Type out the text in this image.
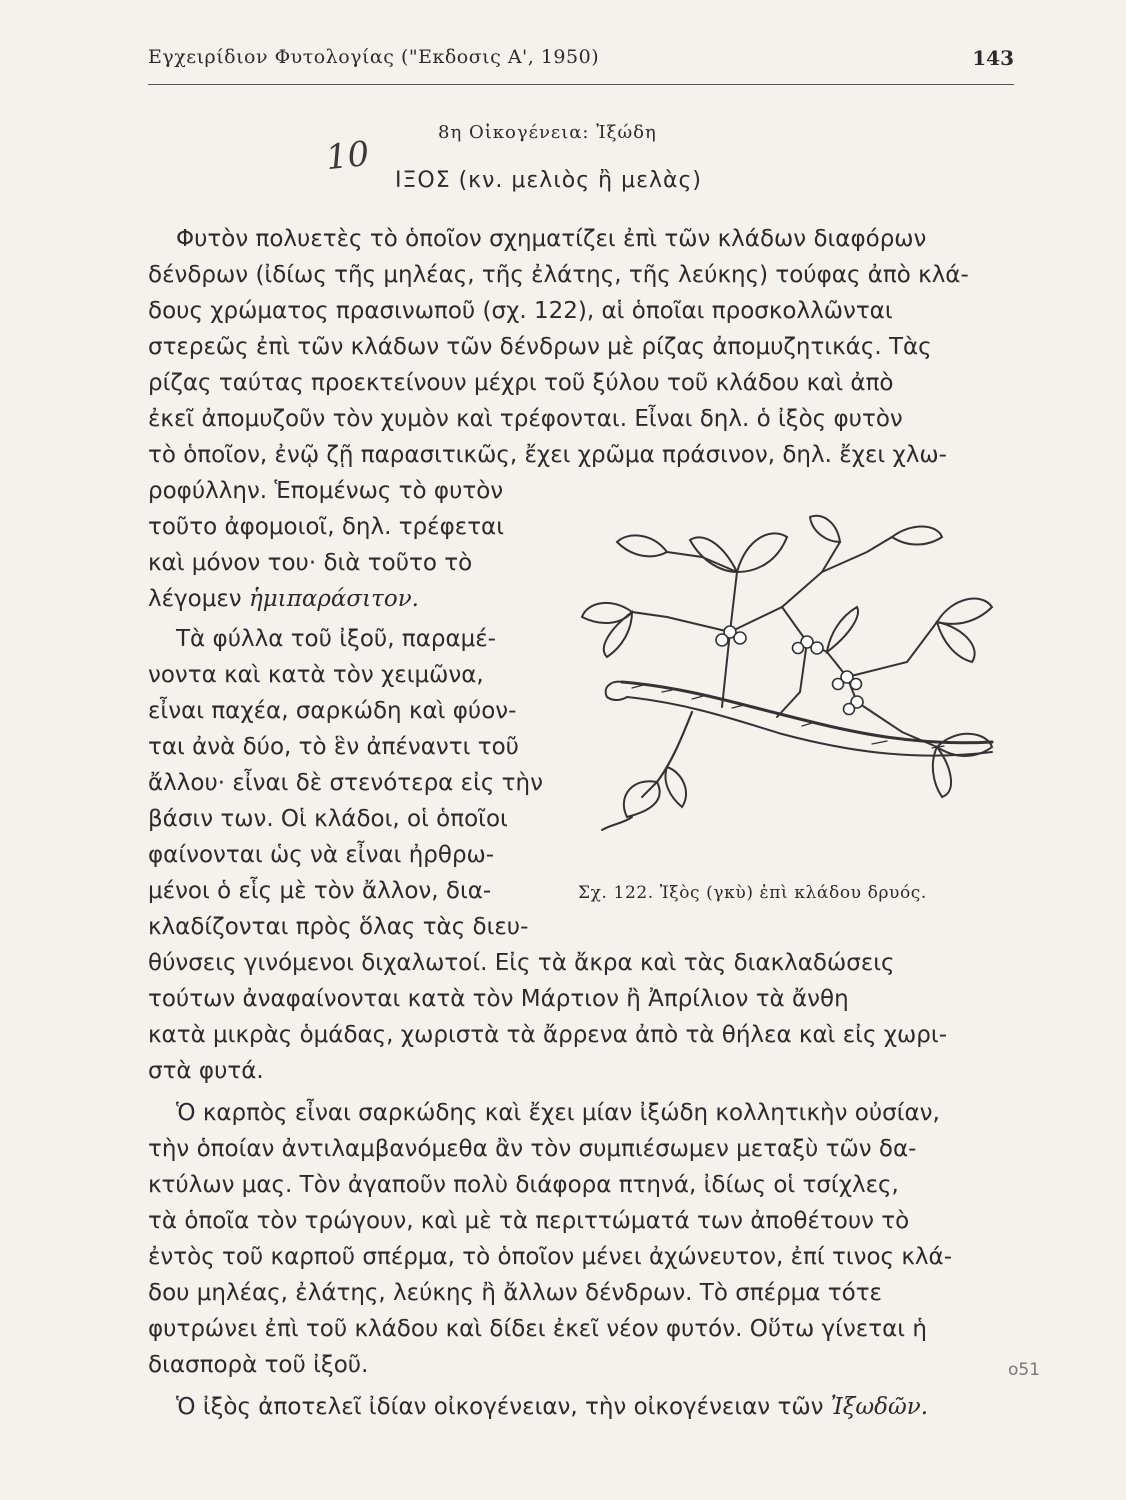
Εγχειρίδιον Φυτολογίας ("Εκδοσις Α', 1950)	143
10
8η Οἰκογένεια: Ἰξώδη
ΙΞΟΣ (κν. μελιὸς ἢ μελὰς)
Φυτὸν πολυετὲς τὸ ὁποῖον σχηματίζει ἐπὶ τῶν κλάδων διαφόρων
δένδρων (ἰδίως τῆς μηλέας, τῆς ἐλάτης, τῆς λεύκης) τούφας ἀπὸ κλά-
δους χρώματος πρασινωποῦ (σχ. 122), αἱ ὁποῖαι προσκολλῶνται
στερεῶς ἐπὶ τῶν κλάδων τῶν δένδρων μὲ ρίζας ἀπομυζητικάς. Τὰς
ρίζας ταύτας προεκτείνουν μέχρι τοῦ ξύλου τοῦ κλάδου καὶ ἀπὸ
ἐκεῖ ἀπομυζοῦν τὸν χυμὸν καὶ τρέφονται. Εἶναι δηλ. ὁ ἰξὸς φυτὸν
τὸ ὁποῖον, ἐνῷ ζῇ παρασιτικῶς, ἔχει χρῶμα πράσινον, δηλ. ἔχει χλω-
ροφύλλην. Ἑπομένως τὸ φυτὸν
τοῦτο ἀφομοιοῖ, δηλ. τρέφεται
καὶ μόνον του· διὰ τοῦτο τὸ
λέγομεν ἡμιπαράσιτον.
Τὰ φύλλα τοῦ ἰξοῦ, παραμέ-
νοντα καὶ κατὰ τὸν χειμῶνα,
εἶναι παχέα, σαρκώδη καὶ φύον-
ται ἀνὰ δύο, τὸ ἓν ἀπέναντι τοῦ
ἄλλου· εἶναι δὲ στενότερα εἰς τὴν
βάσιν των. Οἱ κλάδοι, οἱ ὁποῖοι
φαίνονται ὡς νὰ εἶναι ἠρθρω-
μένοι ὁ εἷς μὲ τὸν ἄλλον, δια-
κλαδίζονται πρὸς ὅλας τὰς διευ-
θύνσεις γινόμενοι διχαλωτοί. Εἰς τὰ ἄκρα καὶ τὰς διακλαδώσεις
τούτων ἀναφαίνονται κατὰ τὸν Μάρτιον ἢ Ἀπρίλιον τὰ ἄνθη
κατὰ μικρὰς ὁμάδας, χωριστὰ τὰ ἄρρενα ἀπὸ τὰ θήλεα καὶ εἰς χωρι-
στὰ φυτά.
Ὁ καρπὸς εἶναι σαρκώδης καὶ ἔχει μίαν ἰξώδη κολλητικὴν οὐσίαν,
τὴν ὁποίαν ἀντιλαμβανόμεθα ἂν τὸν συμπιέσωμεν μεταξὺ τῶν δα-
κτύλων μας. Τὸν ἀγαποῦν πολὺ διάφορα πτηνά, ἰδίως οἱ τσίχλες,
τὰ ὁποῖα τὸν τρώγουν, καὶ μὲ τὰ περιττώματά των ἀποθέτουν τὸ
ἐντὸς τοῦ καρποῦ σπέρμα, τὸ ὁποῖον μένει ἀχώνευτον, ἐπί τινος κλά-
δου μηλέας, ἐλάτης, λεύκης ἢ ἄλλων δένδρων. Τὸ σπέρμα τότε
φυτρώνει ἐπὶ τοῦ κλάδου καὶ δίδει ἐκεῖ νέον φυτόν. Οὕτω γίνεται ἡ
διασπορὰ τοῦ ἰξοῦ.
Ὁ ἰξὸς ἀποτελεῖ ἰδίαν οἰκογένειαν, τὴν οἰκογένειαν τῶν Ἰξωδῶν.
ο51
Σχ. 122. Ἰξὸς (γκὺ) ἐπὶ κλάδου δρυός.
